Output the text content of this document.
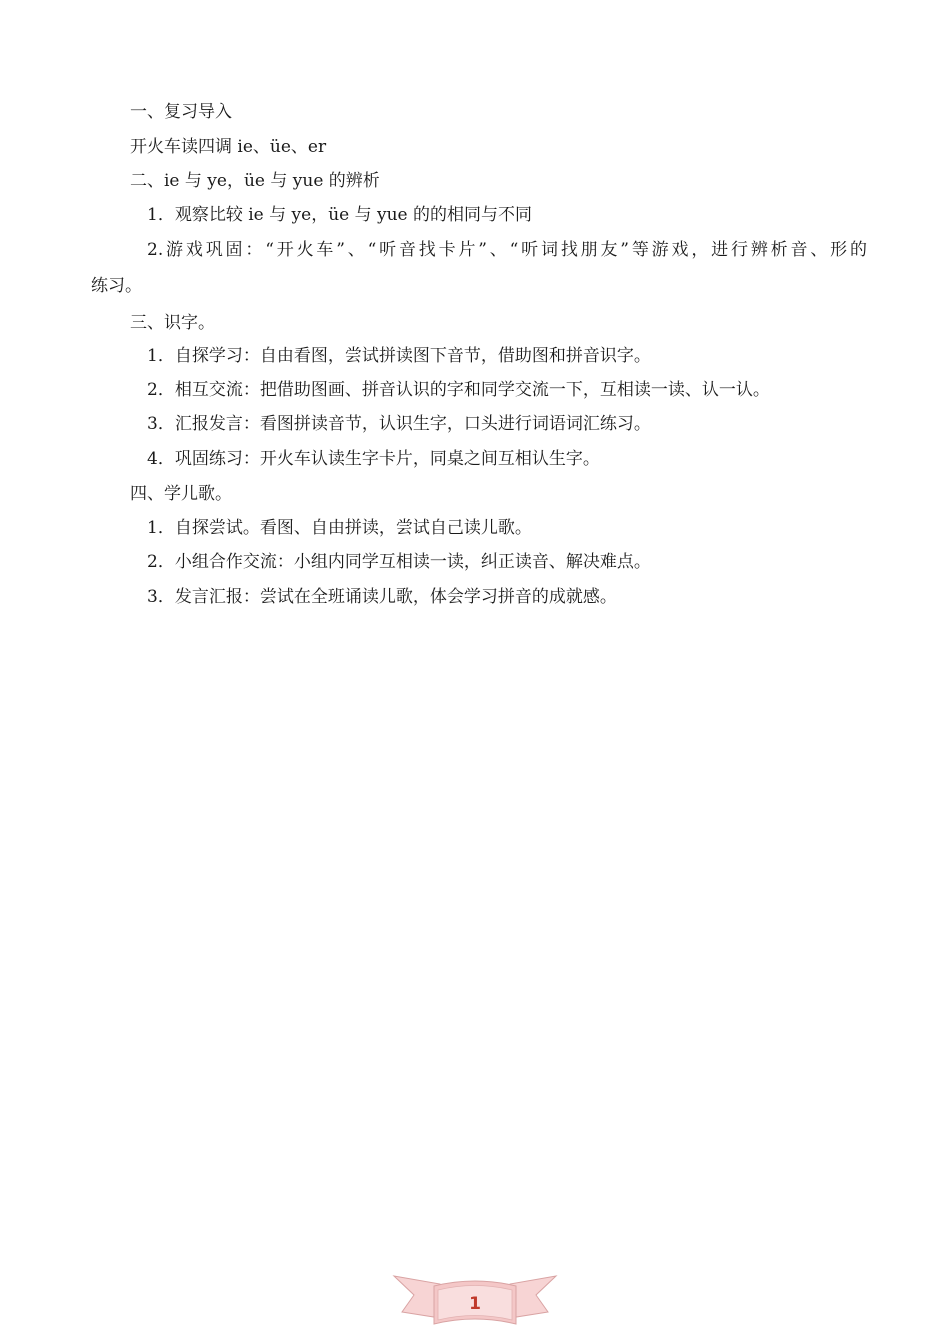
一、复习导入
开火车读四调 ie、üe、er
二、ie 与 ye，üe 与 yue 的辨析
1．观察比较 ie 与 ye，üe 与 yue 的的相同与不同
2.游戏巩固：“开火车”、“听音找卡片”、“听词找朋友”等游戏，进行辨析音、形的
练习。
三、识字。
1．自探学习：自由看图，尝试拼读图下音节，借助图和拼音识字。
2．相互交流：把借助图画、拼音认识的字和同学交流一下，互相读一读、认一认。
3．汇报发言：看图拼读音节，认识生字，口头进行词语词汇练习。
4．巩固练习：开火车认读生字卡片，同桌之间互相认生字。
四、学儿歌。
1．自探尝试。看图、自由拼读，尝试自己读儿歌。
2．小组合作交流：小组内同学互相读一读，纠正读音、解决难点。
3．发言汇报：尝试在全班诵读儿歌，体会学习拼音的成就感。
1
